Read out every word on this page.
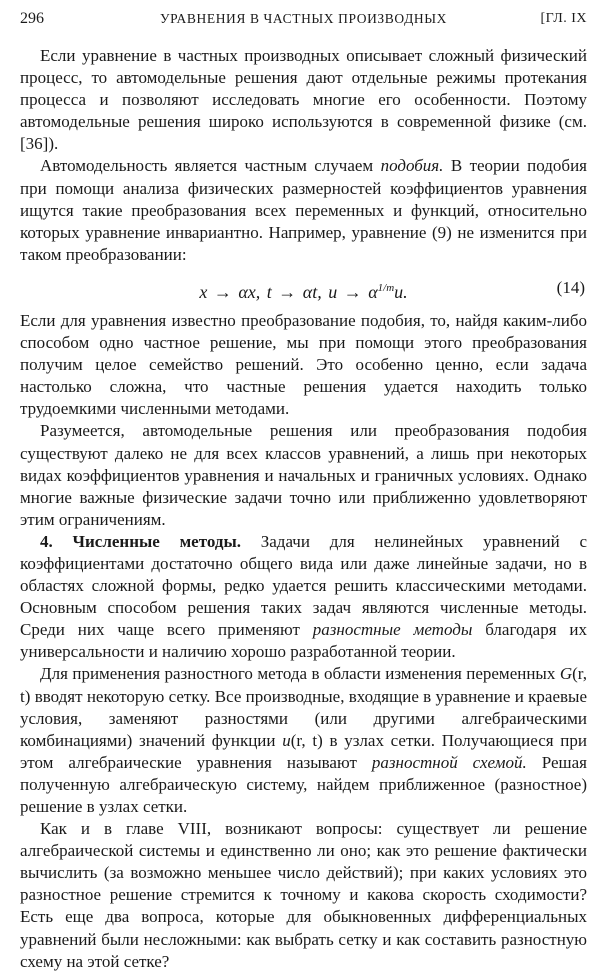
296	УРАВНЕНИЯ В ЧАСТНЫХ ПРОИЗВОДНЫХ	[ГЛ. IX

Если уравнение в частных производных описывает сложный физический процесс, то автомодельные решения дают отдельные режимы протекания процесса и позволяют исследовать многие его особенности. Поэтому автомодельные решения широко используются в современной физике (см. [36]).

Автомодельность является частным случаем подобия. В теории подобия при помощи анализа физических размерностей коэффициентов уравнения ищутся такие преобразования всех переменных и функций, относительно которых уравнение инвариантно. Например, уравнение (9) не изменится при таком преобразовании:

x → αx, t → αt, $u \to \alpha^{1/m}u$.	(14)

Если для уравнения известно преобразование подобия, то, найдя каким-либо способом одно частное решение, мы при помощи этого преобразования получим целое семейство решений. Это особенно ценно, если задача настолько сложна, что частные решения удается находить только трудоемкими численными методами.

Разумеется, автомодельные решения или преобразования подобия существуют далеко не для всех классов уравнений, а лишь при некоторых видах коэффициентов уравнения и начальных и граничных условиях. Однако многие важные физические задачи точно или приближенно удовлетворяют этим ограничениям.

4. Численные методы. Задачи для нелинейных уравнений с коэффициентами достаточно общего вида или даже линейные задачи, но в областях сложной формы, редко удается решить классическими методами. Основным способом решения таких задач являются численные методы. Среди них чаще всего применяют разностные методы благодаря их универсальности и наличию хорошо разработанной теории.

Для применения разностного метода в области изменения переменных G(r, t) вводят некоторую сетку. Все производные, входящие в уравнение и краевые условия, заменяют разностями (или другими алгебраическими комбинациями) значений функции u(r, t) в узлах сетки. Получающиеся при этом алгебраические уравнения называют разностной схемой. Решая полученную алгебраическую систему, найдем приближенное (разностное) решение в узлах сетки.

Как и в главе VIII, возникают вопросы: существует ли решение алгебраической системы и единственно ли оно; как это решение фактически вычислить (за возможно меньшее число действий); при каких условиях это разностное решение стремится к точному и какова скорость сходимости? Есть еще два вопроса, которые для обыкновенных дифференциальных уравнений были несложными: как выбрать сетку и как составить разностную схему на этой сетке?
